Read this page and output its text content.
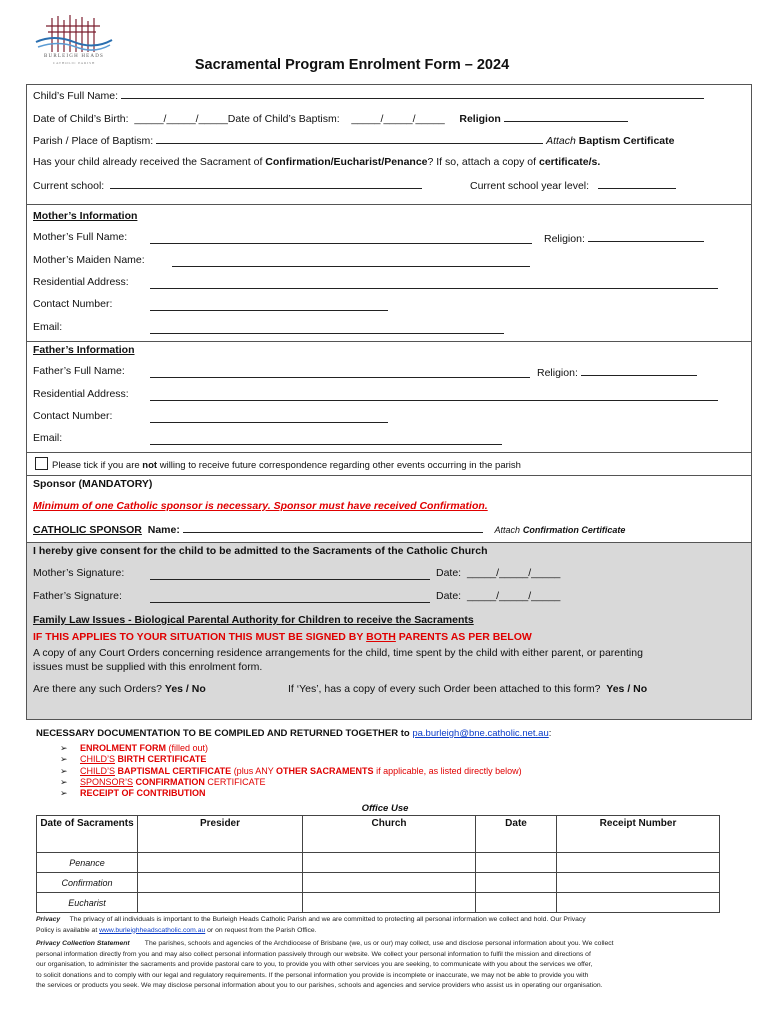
BURLEIGH HEADS
CATHOLIC PARISH	Sacramental Program Enrolment Form – 2024
Child’s Full Name:
Date of Child’s Birth: _____/_____/_____Date of Child’s Baptism: _____/_____/_____ Religion
Parish / Place of Baptism:	Attach Baptism Certificate
Has your child already received the Sacrament of Confirmation/Eucharist/Penance? If so, attach a copy of certificate/s.
Current school:	Current school year level:
Mother’s Information
Mother’s Full Name:	Religion:
Mother’s Maiden Name:
Residential Address:
Contact Number:
Email:
Father’s Information
Father’s Full Name:	Religion:
Residential Address:
Contact Number:
Email:
Please tick if you are not willing to receive future correspondence regarding other events occurring in the parish
Sponsor (MANDATORY)
Minimum of one Catholic sponsor is necessary. Sponsor must have received Confirmation.
CATHOLIC SPONSOR Name:	Attach Confirmation Certificate
I hereby give consent for the child to be admitted to the Sacraments of the Catholic Church
Mother’s Signature:	Date: _____/_____/_____
Father’s Signature:	Date: _____/_____/_____
Family Law Issues - Biological Parental Authority for Children to receive the Sacraments
IF THIS APPLIES TO YOUR SITUATION THIS MUST BE SIGNED BY BOTH PARENTS AS PER BELOW
A copy of any Court Orders concerning residence arrangements for the child, time spent by the child with either parent, or parenting
issues must be supplied with this enrolment form.
Are there any such Orders? Yes / No	If ‘Yes’, has a copy of every such Order been attached to this form? Yes / No
NECESSARY DOCUMENTATION TO BE COMPILED AND RETURNED TOGETHER to pa.burleigh@bne.catholic.net.au:
➢ ENROLMENT FORM (filled out)
➢ CHILD’S BIRTH CERTIFICATE
➢ CHILD’S BAPTISMAL CERTIFICATE (plus ANY OTHER SACRAMENTS if applicable, as listed directly below)
➢ SPONSOR’S CONFIRMATION CERTIFICATE
➢ RECEIPT OF CONTRIBUTION
Office Use
Date of Sacraments	Presider	Church	Date	Receipt Number
Penance				
Confirmation				
Eucharist				
Privacy The privacy of all individuals is important to the Burleigh Heads Catholic Parish and we are committed to protecting all personal information we collect and hold. Our Privacy
Policy is available at www.burleighheadscatholic.com.au or on request from the Parish Office.
Privacy Collection Statement The parishes, schools and agencies of the Archdiocese of Brisbane (we, us or our) may collect, use and disclose personal information about you. We collect
personal information directly from you and may also collect personal information passively through our website. We collect your personal information to fulfil the mission and directions of
our organisation, to administer the sacraments and provide pastoral care to you, to provide you with other services you are seeking, to communicate with you about the services we offer,
to solicit donations and to comply with our legal and regulatory requirements. If the personal information you provide is incomplete or inaccurate, we may not be able to provide you with
the services or products you seek. We may disclose personal information about you to our parishes, schools and agencies and service providers who assist us in operating our organisation.
